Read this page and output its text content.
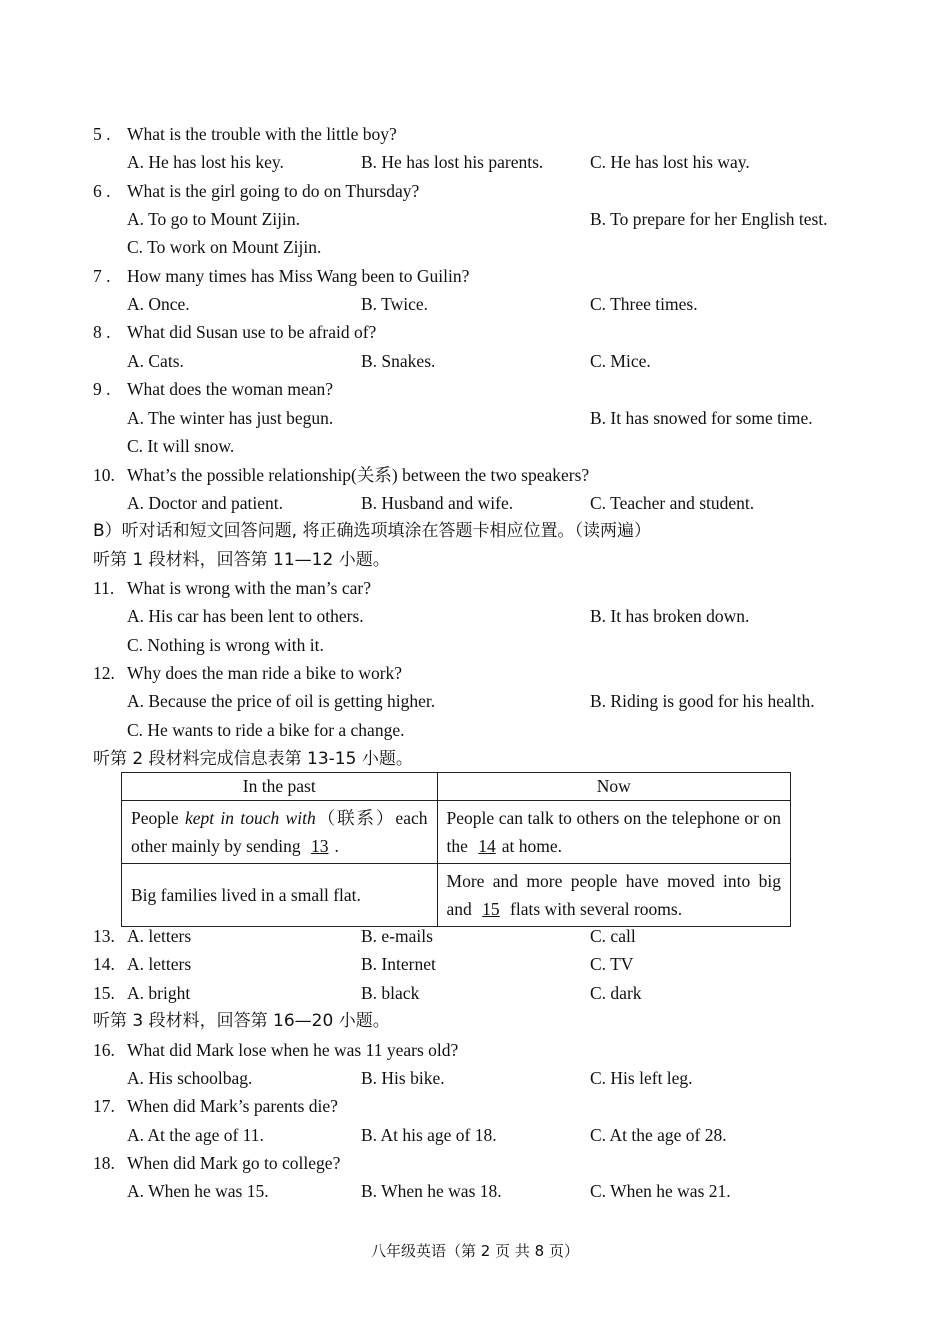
5 . What is the trouble with the little boy?
A. He has lost his key.	B. He has lost his parents.	C. He has lost his way.
6 . What is the girl going to do on Thursday?
A. To go to Mount Zijin.	B. To prepare for her English test.
C. To work on Mount Zijin.
7 . How many times has Miss Wang been to Guilin?
A. Once.	B. Twice.	C. Three times.
8 . What did Susan use to be afraid of?
A. Cats.	B. Snakes.	C. Mice.
9 . What does the woman mean?
A. The winter has just begun.	B. It has snowed for some time.
C. It will snow.
10. What’s the possible relationship(关系) between the two speakers?
A. Doctor and patient.	B. Husband and wife.	C. Teacher and student.
B）听对话和短文回答问题, 将正确选项填涂在答题卡相应位置。（读两遍）
听第 1 段材料，回答第 11—12 小题。
11. What is wrong with the man’s car?
A. His car has been lent to others.	B. It has broken down.
C. Nothing is wrong with it.
12. Why does the man ride a bike to work?
A. Because the price of oil is getting higher.	B. Riding is good for his health.
C. He wants to ride a bike for a change.
听第 2 段材料完成信息表第 13-15 小题。
In the past	Now
People kept in touch with（联系）each other mainly by sending 13 .	People can talk to others on the telephone or on the 14 at home.
Big families lived in a small flat.	More and more people have moved into big and 15 flats with several rooms.
13. A. letters	B. e-mails	C. call
14. A. letters	B. Internet	C. TV
15. A. bright	B. black	C. dark
听第 3 段材料，回答第 16—20 小题。
16. What did Mark lose when he was 11 years old?
A. His schoolbag.	B. His bike.	C. His left leg.
17. When did Mark’s parents die?
A. At the age of 11.	B. At his age of 18.	C. At the age of 28.
18. When did Mark go to college?
A. When he was 15.	B. When he was 18.	C. When he was 21.
八年级英语（第 2 页 共 8 页）
